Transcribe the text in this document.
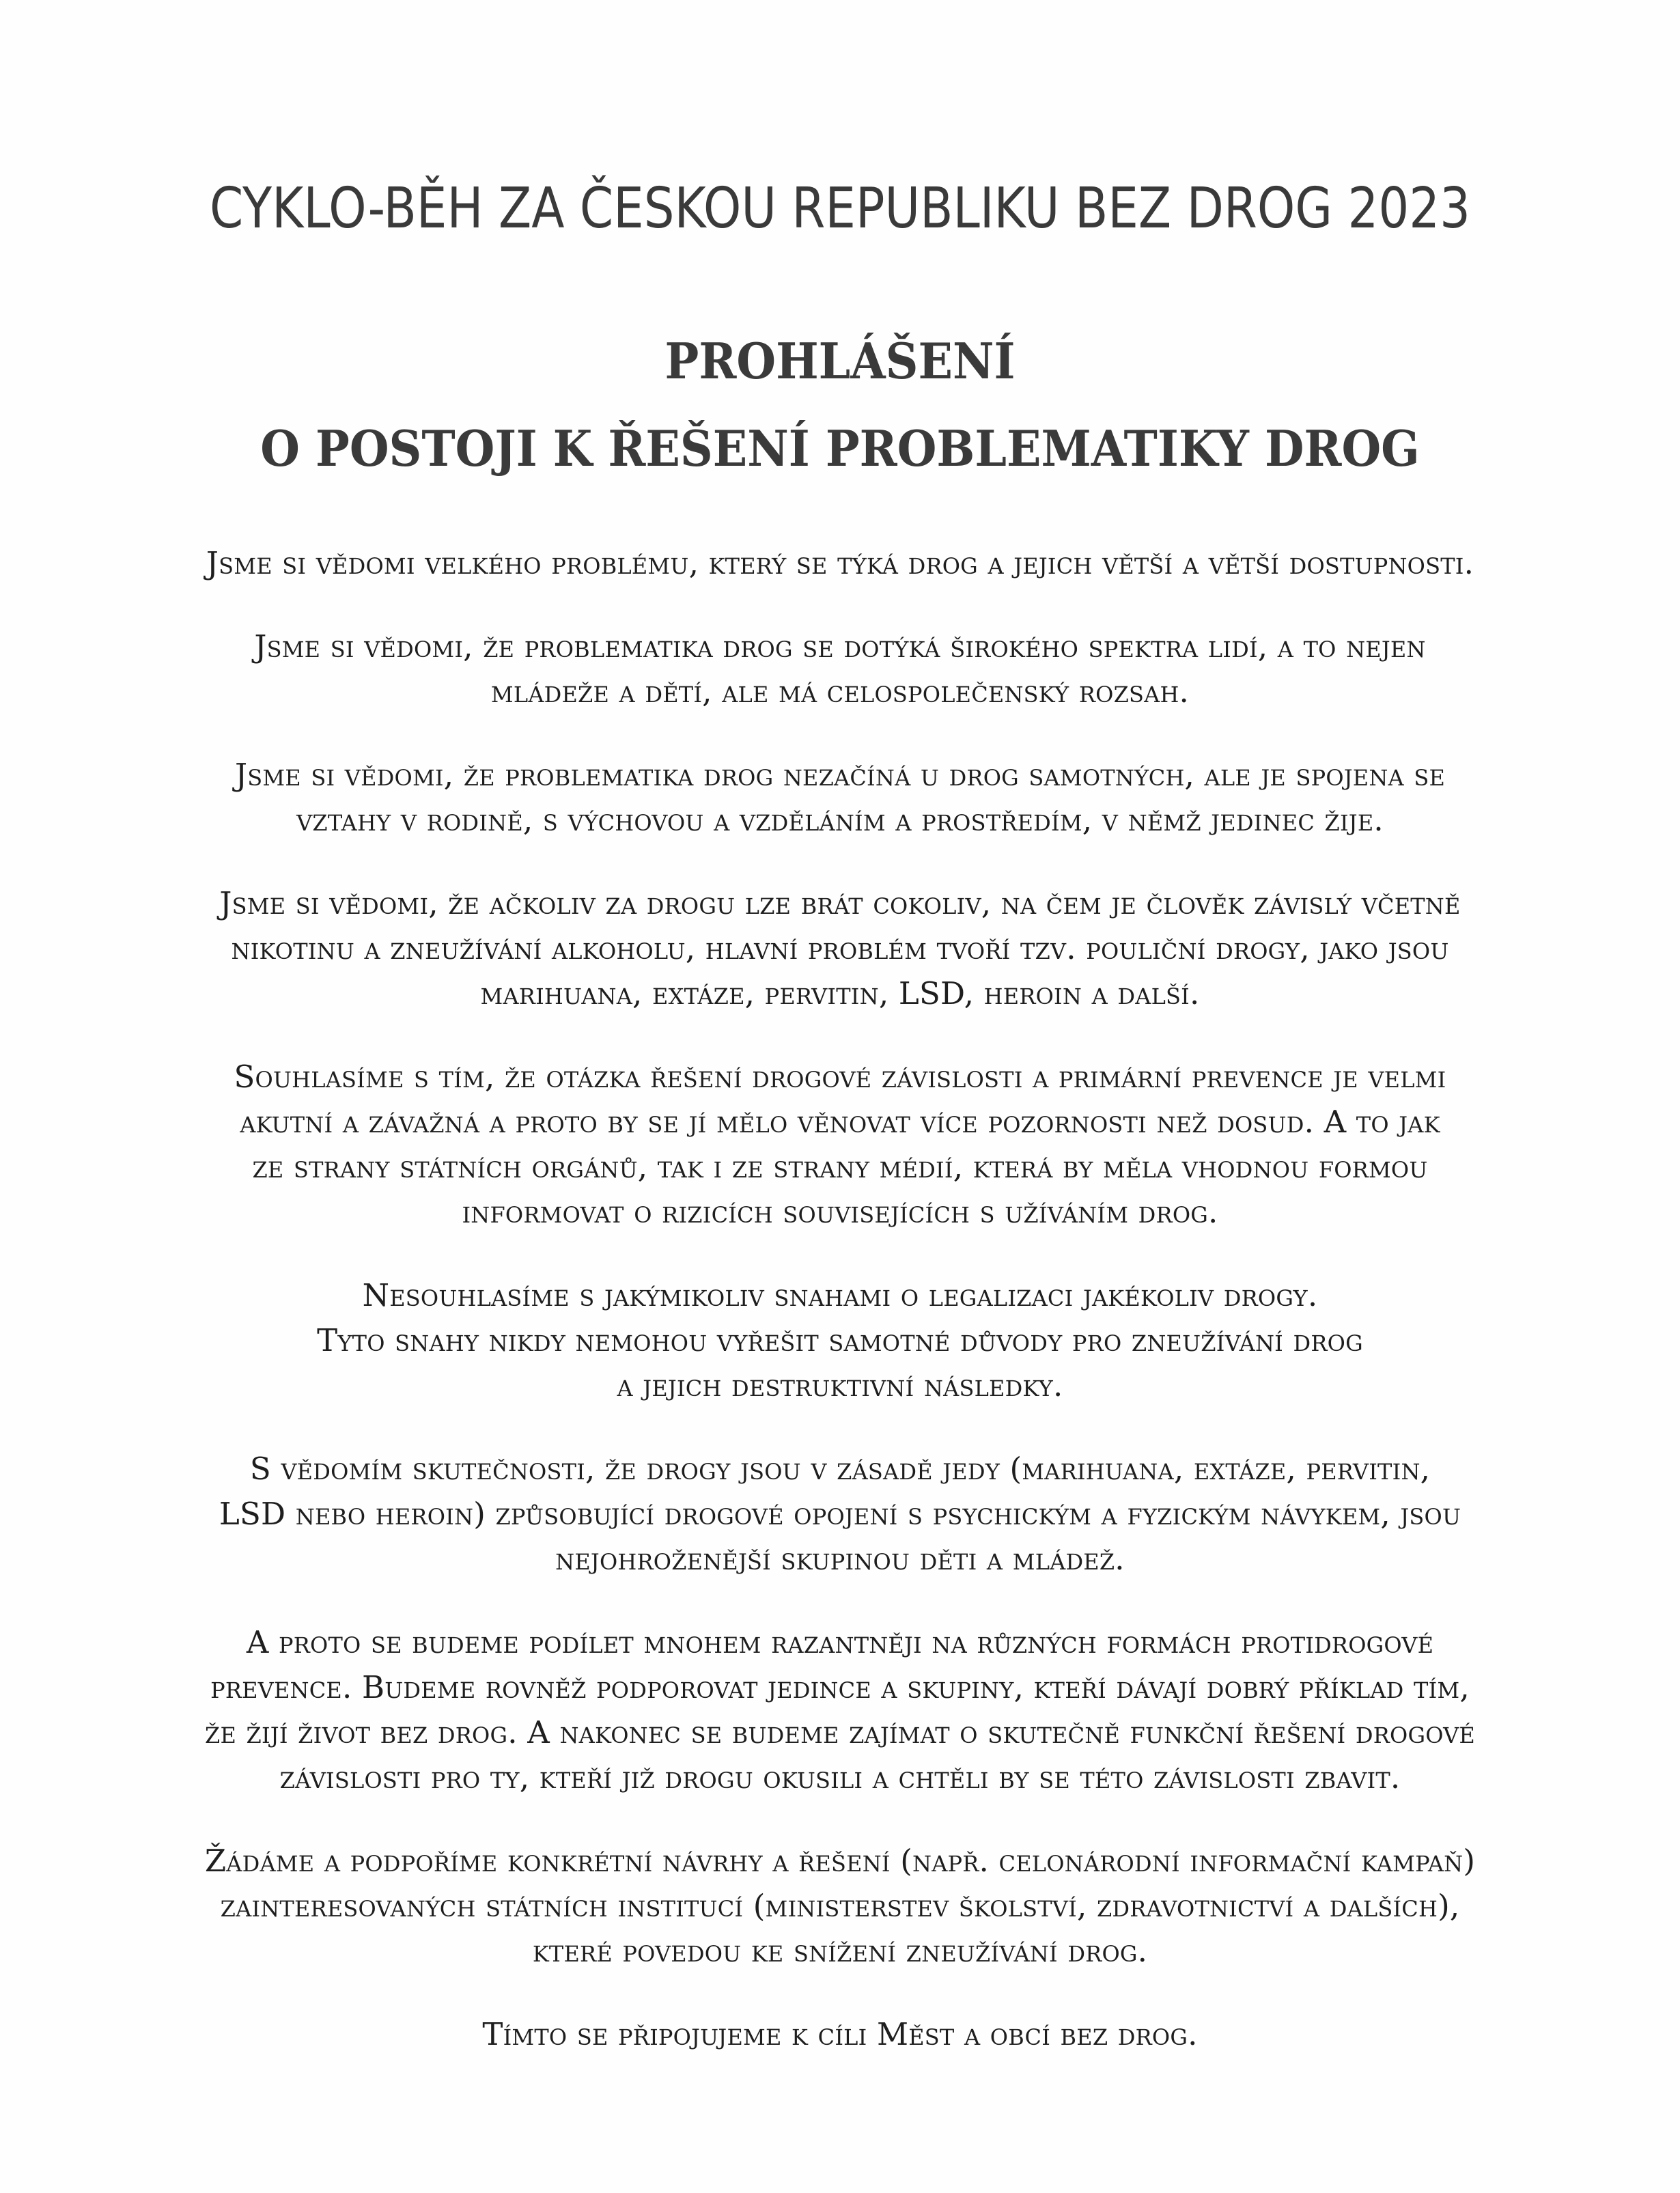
CYKLO-BĚH ZA ČESKOU REPUBLIKU BEZ DROG 2023
PROHLÁŠENÍ
O POSTOJI K ŘEŠENÍ PROBLEMATIKY DROG

Jsme si vědomi velkého problému, který se týká drog a jejich větší a větší dostupnosti.

Jsme si vědomi, že problematika drog se dotýká širokého spektra lidí, a to nejen
mládeže a dětí, ale má celospolečenský rozsah.

Jsme si vědomi, že problematika drog nezačíná u drog samotných, ale je spojena se
vztahy v rodině, s výchovou a vzděláním a prostředím, v němž jedinec žije.

Jsme si vědomi, že ačkoliv za drogu lze brát cokoliv, na čem je člověk závislý včetně
nikotinu a zneužívání alkoholu, hlavní problém tvoří tzv. pouliční drogy, jako jsou
marihuana, extáze, pervitin, LSD, heroin a další.

Souhlasíme s tím, že otázka řešení drogové závislosti a primární prevence je velmi
akutní a závažná a proto by se jí mělo věnovat více pozornosti než dosud. A to jak
ze strany státních orgánů, tak i ze strany médií, která by měla vhodnou formou
informovat o rizicích souvisejících s užíváním drog.

Nesouhlasíme s jakýmikoliv snahami o legalizaci jakékoliv drogy.
Tyto snahy nikdy nemohou vyřešit samotné důvody pro zneužívání drog
a jejich destruktivní následky.

S vědomím skutečnosti, že drogy jsou v zásadě jedy (marihuana, extáze, pervitin,
LSD nebo heroin) způsobující drogové opojení s psychickým a fyzickým návykem, jsou
nejohroženější skupinou děti a mládež.

A proto se budeme podílet mnohem razantněji na různých formách protidrogové
prevence. Budeme rovněž podporovat jedince a skupiny, kteří dávají dobrý příklad tím,
že žijí život bez drog. A nakonec se budeme zajímat o skutečně funkční řešení drogové
závislosti pro ty, kteří již drogu okusili a chtěli by se této závislosti zbavit.

Žádáme a podpoříme konkrétní návrhy a řešení (např. celonárodní informační kampaň)
zainteresovaných státních institucí (ministerstev školství, zdravotnictví a dalších),
které povedou ke snížení zneužívání drog.

Tímto se připojujeme k cíli Měst a obcí bez drog.
